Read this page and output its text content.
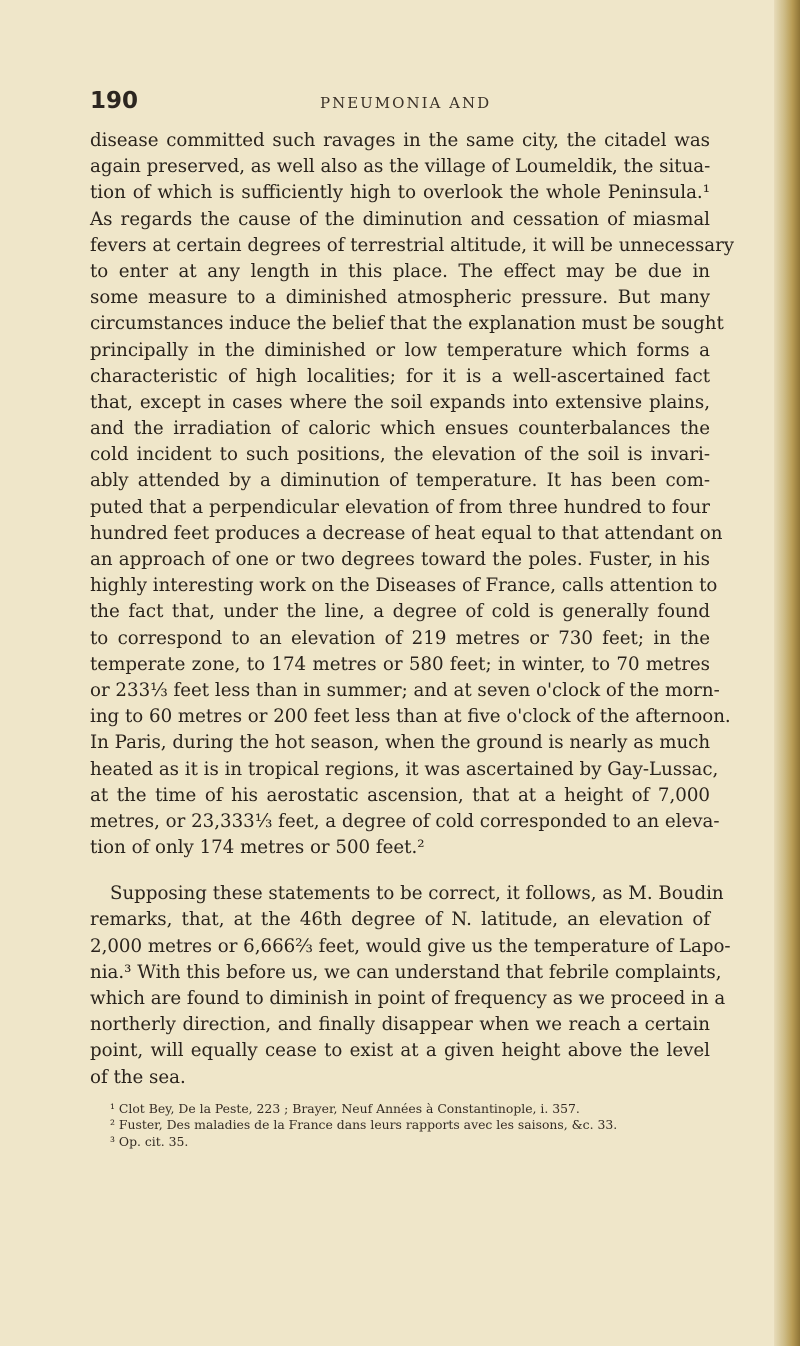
190	PNEUMONIA AND
disease committed such ravages in the same city, the citadel was
again preserved, as well also as the village of Loumeldik, the situa-
tion of which is sufficiently high to overlook the whole Peninsula.¹
As regards the cause of the diminution and cessation of miasmal
fevers at certain degrees of terrestrial altitude, it will be unnecessary
to enter at any length in this place. The effect may be due in
some measure to a diminished atmospheric pressure. But many
circumstances induce the belief that the explanation must be sought
principally in the diminished or low temperature which forms a
characteristic of high localities; for it is a well-ascertained fact
that, except in cases where the soil expands into extensive plains,
and the irradiation of caloric which ensues counterbalances the
cold incident to such positions, the elevation of the soil is invari-
ably attended by a diminution of temperature. It has been com-
puted that a perpendicular elevation of from three hundred to four
hundred feet produces a decrease of heat equal to that attendant on
an approach of one or two degrees toward the poles. Fuster, in his
highly interesting work on the Diseases of France, calls attention to
the fact that, under the line, a degree of cold is generally found
to correspond to an elevation of 219 metres or 730 feet; in the
temperate zone, to 174 metres or 580 feet; in winter, to 70 metres
or 233⅓ feet less than in summer; and at seven o'clock of the morn-
ing to 60 metres or 200 feet less than at five o'clock of the afternoon.
In Paris, during the hot season, when the ground is nearly as much
heated as it is in tropical regions, it was ascertained by Gay-Lussac,
at the time of his aerostatic ascension, that at a height of 7,000
metres, or 23,333⅓ feet, a degree of cold corresponded to an eleva-
tion of only 174 metres or 500 feet.²
Supposing these statements to be correct, it follows, as M. Boudin
remarks, that, at the 46th degree of N. latitude, an elevation of
2,000 metres or 6,666⅔ feet, would give us the temperature of Lapo-
nia.³ With this before us, we can understand that febrile complaints,
which are found to diminish in point of frequency as we proceed in a
northerly direction, and finally disappear when we reach a certain
point, will equally cease to exist at a given height above the level
of the sea.
¹ Clot Bey, De la Peste, 223 ; Brayer, Neuf Années à Constantinople, i. 357.
² Fuster, Des maladies de la France dans leurs rapports avec les saisons, &c. 33.
³ Op. cit. 35.
